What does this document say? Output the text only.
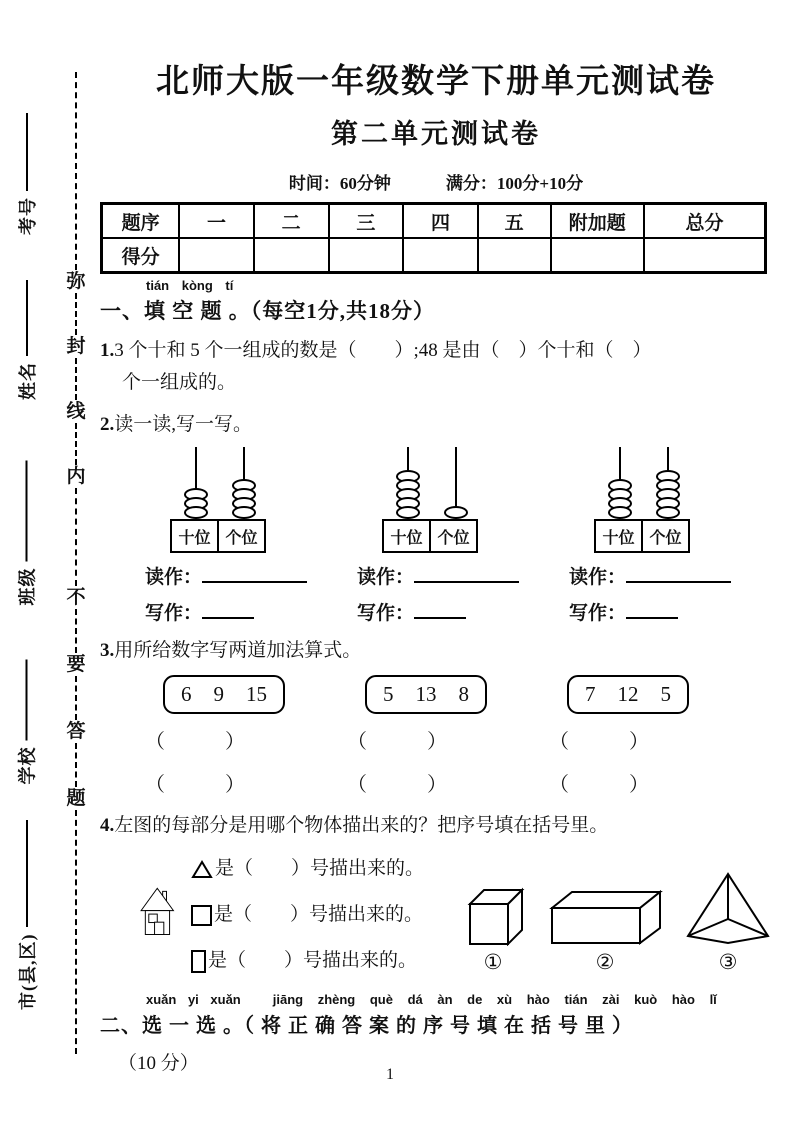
考号
姓名
班级
学校
市(县,区)
弥
封
线
内
不
要
答
题
北师大版一年级数学下册单元测试卷
第二单元测试卷
时间：60分钟	满分：100分+10分
题序	一	二	三	四	五	附加题	总分
得分							
tián kòng tí
一、填 空 题 。（每空1分,共18分）
1.3 个十和 5 个一组成的数是（　　）;48 是由（　）个十和（　）
个一组成的。
2.读一读,写一写。
十位 个位
读作：
写作：
十位 个位
读作：
写作：
十位 个位
读作：
写作：
3.用所给数字写两道加法算式。
6 9 15
（	）
（	）
5 13 8
（	）
（	）
7 12 5
（	）
（	）
4.左图的每部分是用哪个物体描出来的？把序号填在括号里。
是（　　）号描出来的。
是（　　）号描出来的。
是（　　）号描出来的。	①	②	③
xuǎn yi xuǎn jiāng zhèng què dá àn de xù hào tián zài kuò hào lǐ
二、选 一 选 。（ 将 正 确 答 案 的 序 号 填 在 括 号 里 ）
（10 分）
1
